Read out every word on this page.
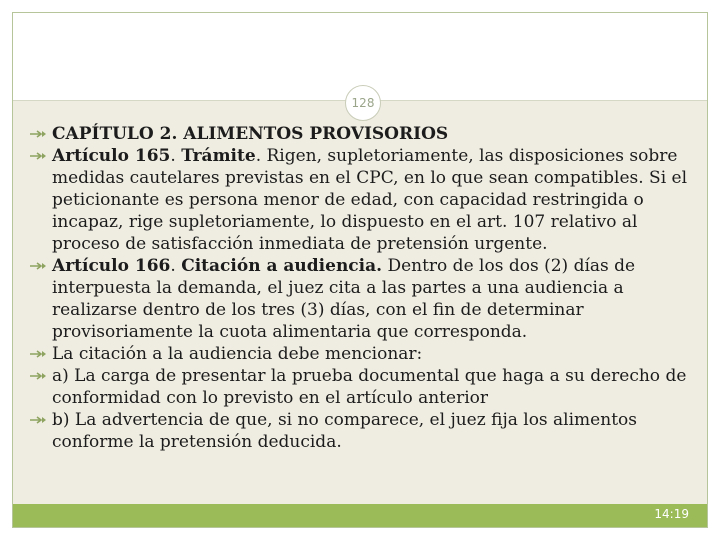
128
CAPÍTULO 2. ALIMENTOS PROVISORIOS
Artículo 165. Trámite. Rigen, supletoriamente, las disposiciones sobre medidas cautelares previstas en el CPC, en lo que sean compatibles. Si el peticionante es persona menor de edad, con capacidad restringida o incapaz, rige supletoriamente, lo dispuesto en el art. 107 relativo al proceso de satisfacción inmediata de pretensión urgente.
Artículo 166. Citación a audiencia. Dentro de los dos (2) días de interpuesta la demanda, el juez cita a las partes a una audiencia a realizarse dentro de los tres (3) días, con el fin de determinar provisoriamente la cuota alimentaria que corresponda.
La citación a la audiencia debe mencionar:
a) La carga de presentar la prueba documental que haga a su derecho de conformidad con lo previsto en el artículo anterior
b) La advertencia de que, si no comparece, el juez fija los alimentos conforme la pretensión deducida.
14:19
